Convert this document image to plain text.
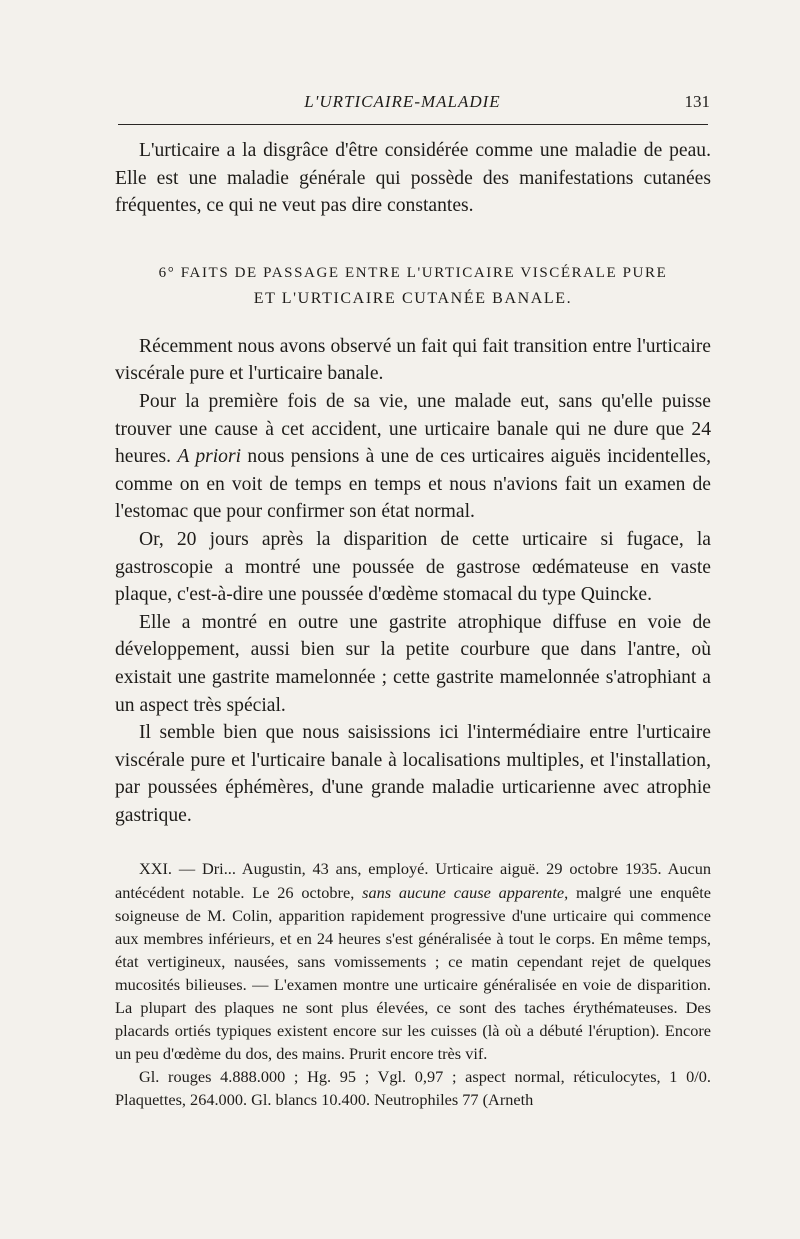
L'URTICAIRE-MALADIE	131

L'urticaire a la disgrâce d'être considérée comme une maladie de peau. Elle est une maladie générale qui possède des manifestations cutanées fréquentes, ce qui ne veut pas dire constantes.

6° FAITS DE PASSAGE ENTRE L'URTICAIRE VISCÉRALE PURE
ET L'URTICAIRE CUTANÉE BANALE.

Récemment nous avons observé un fait qui fait transition entre l'urticaire viscérale pure et l'urticaire banale.

Pour la première fois de sa vie, une malade eut, sans qu'elle puisse trouver une cause à cet accident, une urticaire banale qui ne dure que 24 heures. A priori nous pensions à une de ces urticaires aiguës incidentelles, comme on en voit de temps en temps et nous n'avions fait un examen de l'estomac que pour confirmer son état normal.

Or, 20 jours après la disparition de cette urticaire si fugace, la gastroscopie a montré une poussée de gastrose œdémateuse en vaste plaque, c'est-à-dire une poussée d'œdème stomacal du type Quincke.

Elle a montré en outre une gastrite atrophique diffuse en voie de développement, aussi bien sur la petite courbure que dans l'antre, où existait une gastrite mamelonnée ; cette gastrite mamelonnée s'atrophiant a un aspect très spécial.

Il semble bien que nous saisissions ici l'intermédiaire entre l'urticaire viscérale pure et l'urticaire banale à localisations multiples, et l'installation, par poussées éphémères, d'une grande maladie urticarienne avec atrophie gastrique.

XXI. — Dri... Augustin, 43 ans, employé. Urticaire aiguë. 29 octobre 1935. Aucun antécédent notable. Le 26 octobre, sans aucune cause apparente, malgré une enquête soigneuse de M. Colin, apparition rapidement progressive d'une urticaire qui commence aux membres inférieurs, et en 24 heures s'est généralisée à tout le corps. En même temps, état vertigineux, nausées, sans vomissements ; ce matin cependant rejet de quelques mucosités bilieuses. — L'examen montre une urticaire généralisée en voie de disparition. La plupart des plaques ne sont plus élevées, ce sont des taches érythémateuses. Des placards ortiés typiques existent encore sur les cuisses (là où a débuté l'éruption). Encore un peu d'œdème du dos, des mains. Prurit encore très vif.

Gl. rouges 4.888.000 ; Hg. 95 ; Vgl. 0,97 ; aspect normal, réticulocytes, 1 0/0. Plaquettes, 264.000. Gl. blancs 10.400. Neutrophiles 77 (Arneth
